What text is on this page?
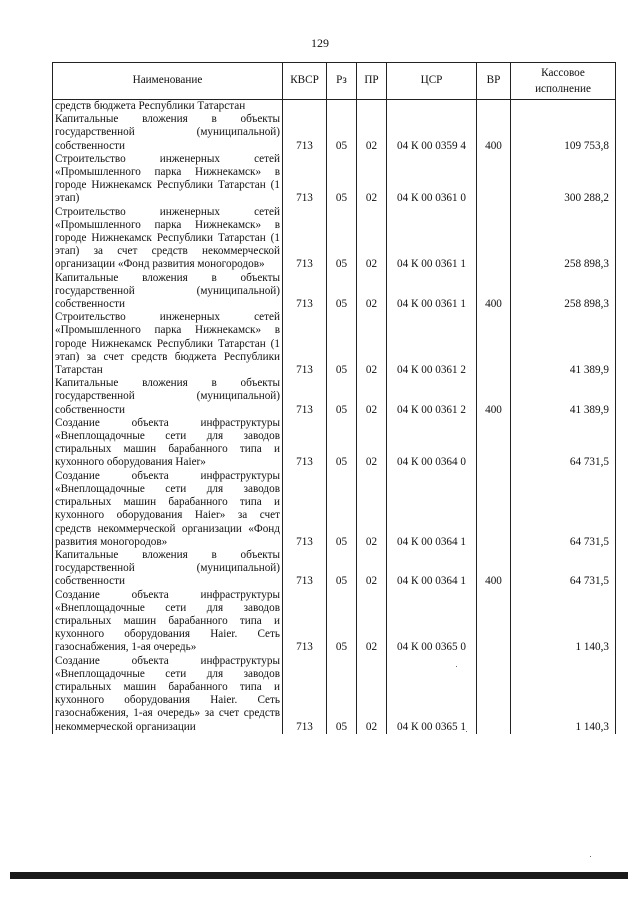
129
Наименование	КВСР	Рз	ПР	ЦСР	ВР	Кассовое исполнение
средств бюджета Республики Татарстан						
Капитальные вложения в объекты государственной (муниципальной) собственности	713	05	02	04 К 00 0359 4	400	109 753,8
Строительство инженерных сетей «Промышленного парка Нижнекамск» в городе Нижнекамск Республики Татарстан (1 этап)	713	05	02	04 К 00 0361 0		300 288,2
Строительство инженерных сетей «Промышленного парка Нижнекамск» в городе Нижнекамск Республики Татарстан (1 этап) за счет средств некоммерческой организации «Фонд развития моногородов»	713	05	02	04 К 00 0361 1		258 898,3
Капитальные вложения в объекты государственной (муниципальной) собственности	713	05	02	04 К 00 0361 1	400	258 898,3
Строительство инженерных сетей «Промышленного парка Нижнекамск» в городе Нижнекамск Республики Татарстан (1 этап) за счет средств бюджета Республики Татарстан	713	05	02	04 К 00 0361 2		41 389,9
Капитальные вложения в объекты государственной (муниципальной) собственности	713	05	02	04 К 00 0361 2	400	41 389,9
Создание объекта инфраструктуры «Внеплощадочные сети для заводов стиральных машин барабанного типа и кухонного оборудования Haier»	713	05	02	04 К 00 0364 0		64 731,5
Создание объекта инфраструктуры «Внеплощадочные сети для заводов стиральных машин барабанного типа и кухонного оборудования Haier» за счет средств некоммерческой организации «Фонд развития моногородов»	713	05	02	04 К 00 0364 1		64 731,5
Капитальные вложения в объекты государственной (муниципальной) собственности	713	05	02	04 К 00 0364 1	400	64 731,5
Создание объекта инфраструктуры «Внеплощадочные сети для заводов стиральных машин барабанного типа и кухонного оборудования Haier. Сеть газоснабжения, 1-ая очередь»	713	05	02	04 К 00 0365 0		1 140,3
Создание объекта инфраструктуры «Внеплощадочные сети для заводов стиральных машин барабанного типа и кухонного оборудования Haier. Сеть газоснабжения, 1-ая очередь» за счет средств некоммерческой организации	713	05	02	04 К 00 0365 1		1 140,3
